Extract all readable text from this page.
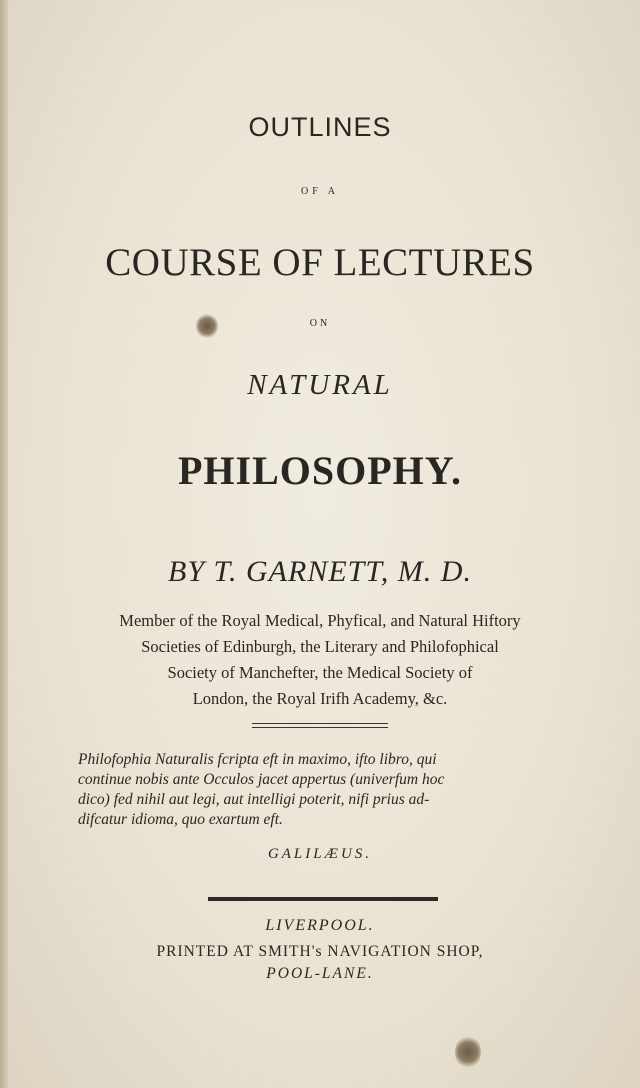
OUTLINES
OF A
COURSE OF LECTURES
ON
NATURAL
PHILOSOPHY.
BY T. GARNETT, M. D.
Member of the Royal Medical, Phyfical, and Natural Hiftory
Societies of Edinburgh, the Literary and Philofophical
Society of Manchefter, the Medical Society of
London, the Royal Irifh Academy, &c.
Philofophia Naturalis fcripta eft in maximo, ifto libro, qui
continue nobis ante Occulos jacet appertus (univerfum hoc
dico) fed nihil aut legi, aut intelligi poterit, nifi prius ad-
difcatur idioma, quo exartum eft.
GALILÆUS.
LIVERPOOL.
PRINTED AT SMITH's NAVIGATION SHOP,
POOL-LANE.
